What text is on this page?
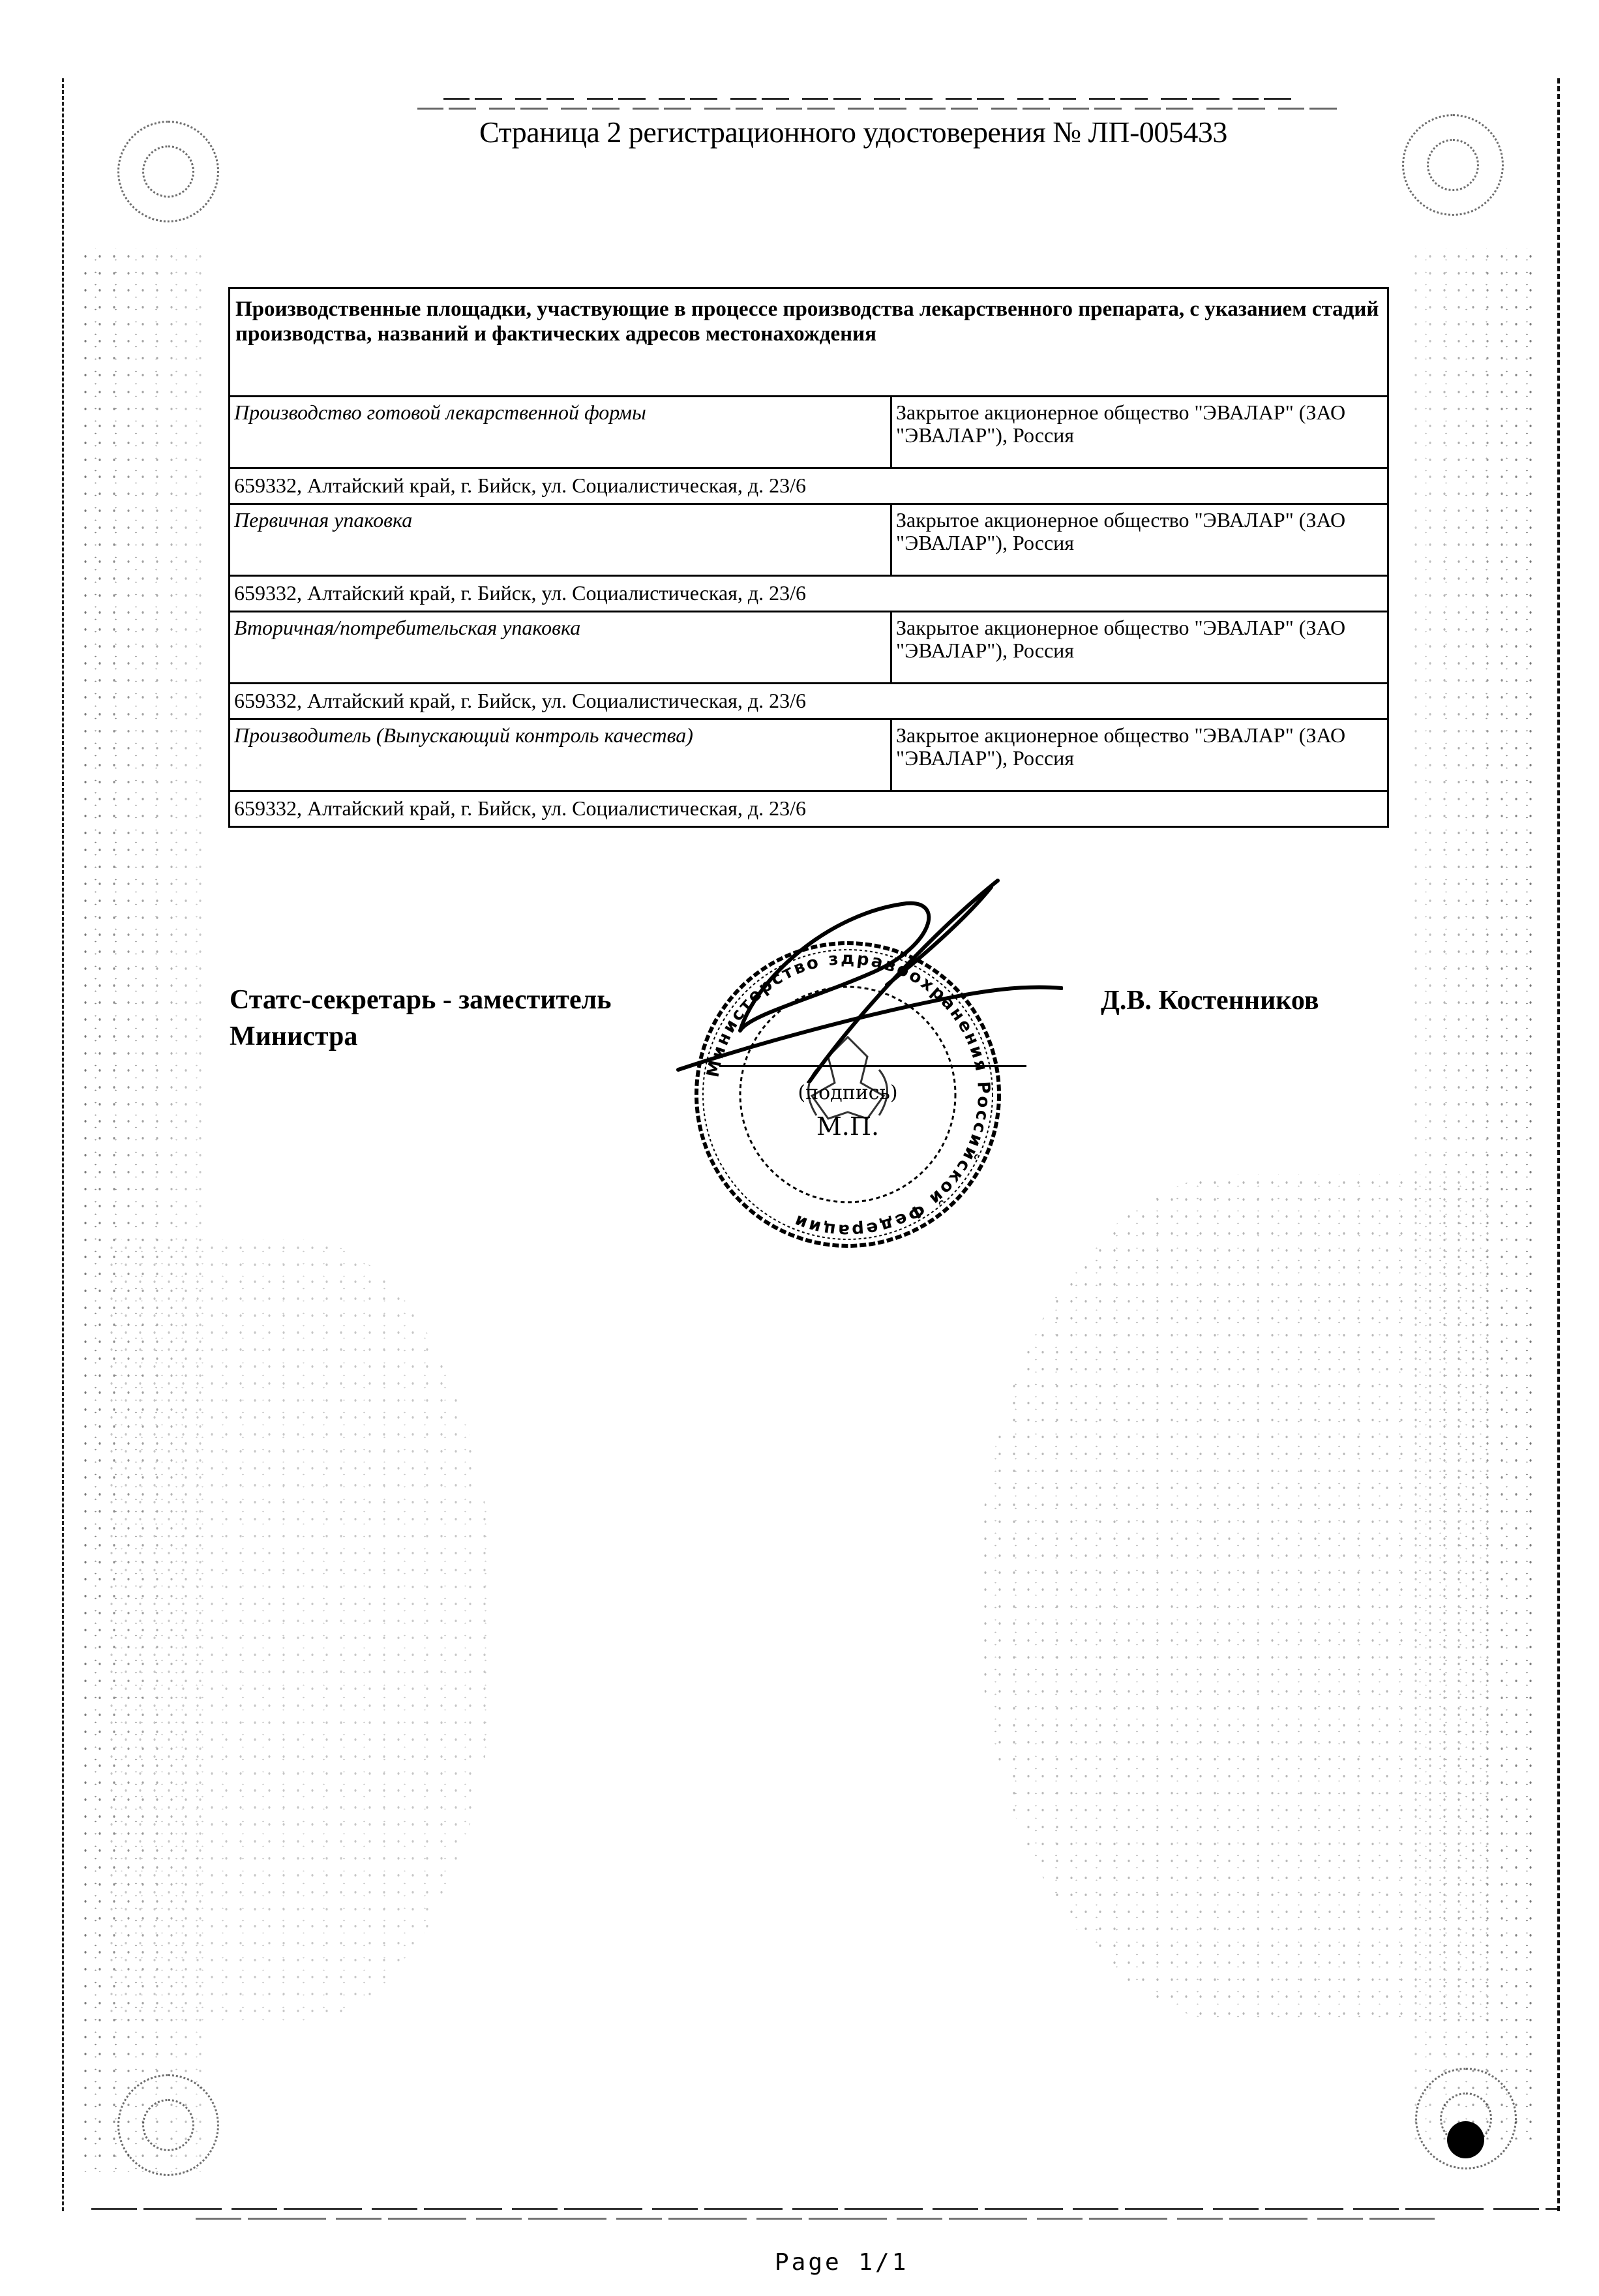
Страница 2 регистрационного удостоверения № ЛП-005433
Производственные площадки, участвующие в процессе производства лекарственного препарата, с указанием стадий производства, названий и фактических адресов местонахождения
Производство готовой лекарственной формы	Закрытое акционерное общество "ЭВАЛАР" (ЗАО "ЭВАЛАР"), Россия
659332, Алтайский край, г. Бийск, ул. Социалистическая, д. 23/6
Первичная упаковка	Закрытое акционерное общество "ЭВАЛАР" (ЗАО "ЭВАЛАР"), Россия
659332, Алтайский край, г. Бийск, ул. Социалистическая, д. 23/6
Вторичная/потребительская упаковка	Закрытое акционерное общество "ЭВАЛАР" (ЗАО "ЭВАЛАР"), Россия
659332, Алтайский край, г. Бийск, ул. Социалистическая, д. 23/6
Производитель (Выпускающий контроль качества)	Закрытое акционерное общество "ЭВАЛАР" (ЗАО "ЭВАЛАР"), Россия
659332, Алтайский край, г. Бийск, ул. Социалистическая, д. 23/6
Статс-секретарь - заместитель
Министра
Д.В. Костенников
Министерство здравоохранения Российской Федерации
(подпись)
М.П.
Page 1/1
